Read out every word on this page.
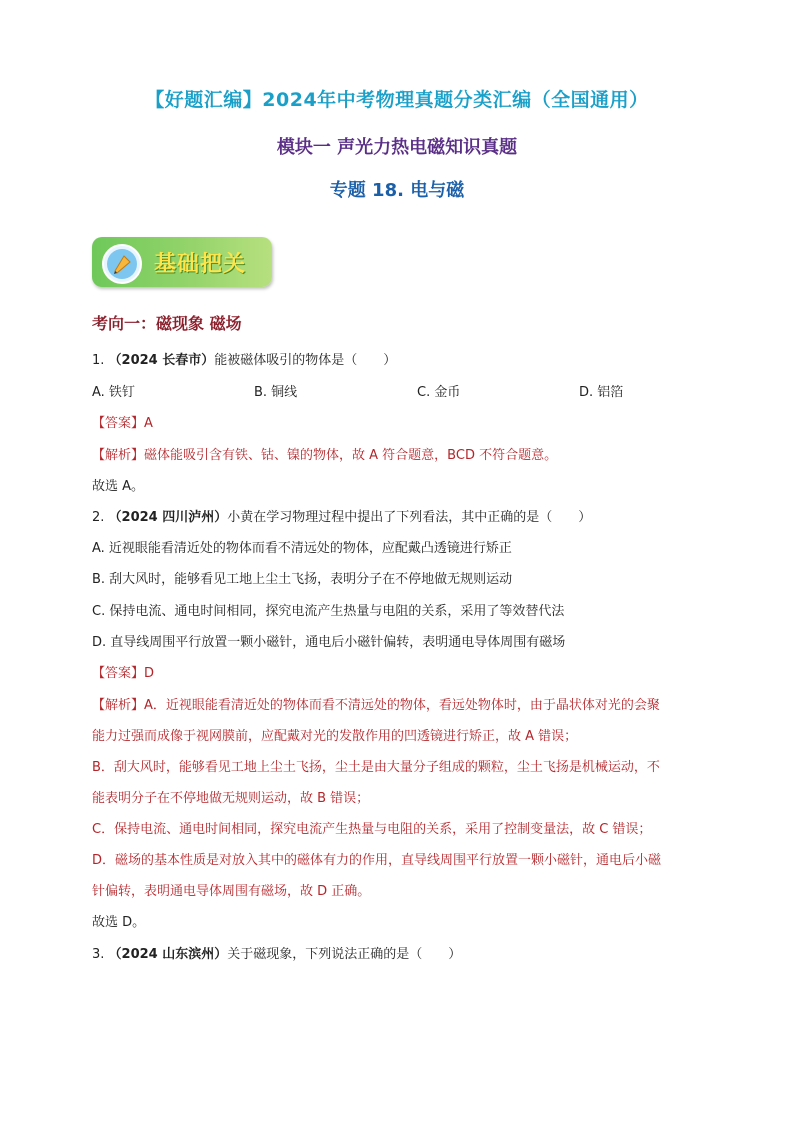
【好题汇编】2024年中考物理真题分类汇编（全国通用）
模块一 声光力热电磁知识真题
专题 18. 电与磁
基础把关
考向一：磁现象 磁场
1. （2024 长春市）能被磁体吸引的物体是（　　）
A. 铁钉	B. 铜线	C. 金币	D. 铝箔
【答案】A
【解析】磁体能吸引含有铁、钴、镍的物体，故 A 符合题意，BCD 不符合题意。
故选 A。
2. （2024 四川泸州）小黄在学习物理过程中提出了下列看法，其中正确的是（　　）
A. 近视眼能看清近处的物体而看不清远处的物体，应配戴凸透镜进行矫正
B. 刮大风时，能够看见工地上尘土飞扬，表明分子在不停地做无规则运动
C. 保持电流、通电时间相同，探究电流产生热量与电阻的关系，采用了等效替代法
D. 直导线周围平行放置一颗小磁针，通电后小磁针偏转，表明通电导体周围有磁场
【答案】D
【解析】A．近视眼能看清近处的物体而看不清远处的物体，看远处物体时，由于晶状体对光的会聚
能力过强而成像于视网膜前，应配戴对光的发散作用的凹透镜进行矫正，故 A 错误；
B．刮大风时，能够看见工地上尘土飞扬，尘土是由大量分子组成的颗粒，尘土飞扬是机械运动，不
能表明分子在不停地做无规则运动，故 B 错误；
C．保持电流、通电时间相同，探究电流产生热量与电阻的关系，采用了控制变量法，故 C 错误；
D．磁场的基本性质是对放入其中的磁体有力的作用，直导线周围平行放置一颗小磁针，通电后小磁
针偏转，表明通电导体周围有磁场，故 D 正确。
故选 D。
3. （2024 山东滨州）关于磁现象，下列说法正确的是（　　）
